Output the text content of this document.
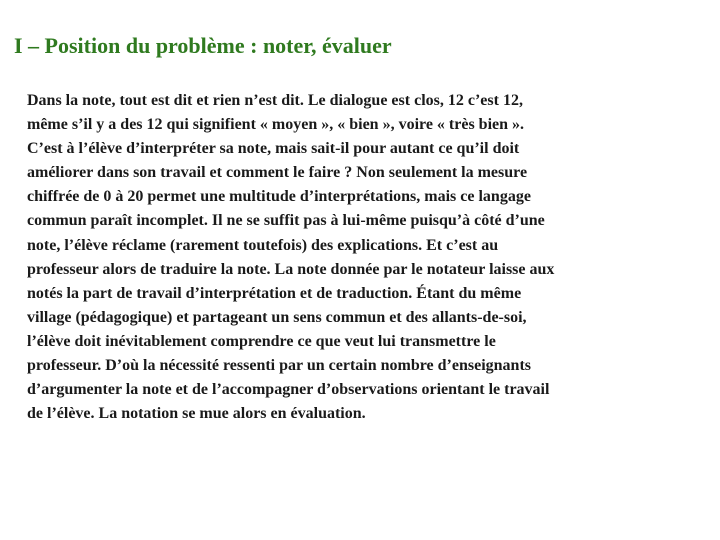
I – Position du problème : noter, évaluer
Dans la note, tout est dit et rien n’est dit. Le dialogue est clos, 12 c’est 12,
même s’il y a des 12 qui signifient « moyen », « bien », voire « très bien ».
C’est à l’élève d’interpréter sa note, mais sait-il pour autant ce qu’il doit
améliorer dans son travail et comment le faire ? Non seulement la mesure
chiffrée de 0 à 20 permet une multitude d’interprétations, mais ce langage
commun paraît incomplet. Il ne se suffit pas à lui-même puisqu’à côté d’une
note, l’élève réclame (rarement toutefois) des explications. Et c’est au
professeur alors de traduire la note. La note donnée par le notateur laisse aux
notés la part de travail d’interprétation et de traduction. Étant du même
village (pédagogique) et partageant un sens commun et des allants-de-soi,
l’élève doit inévitablement comprendre ce que veut lui transmettre le
professeur. D’où la nécessité ressenti par un certain nombre d’enseignants
d’argumenter la note et de l’accompagner d’observations orientant le travail
de l’élève. La notation se mue alors en évaluation.
